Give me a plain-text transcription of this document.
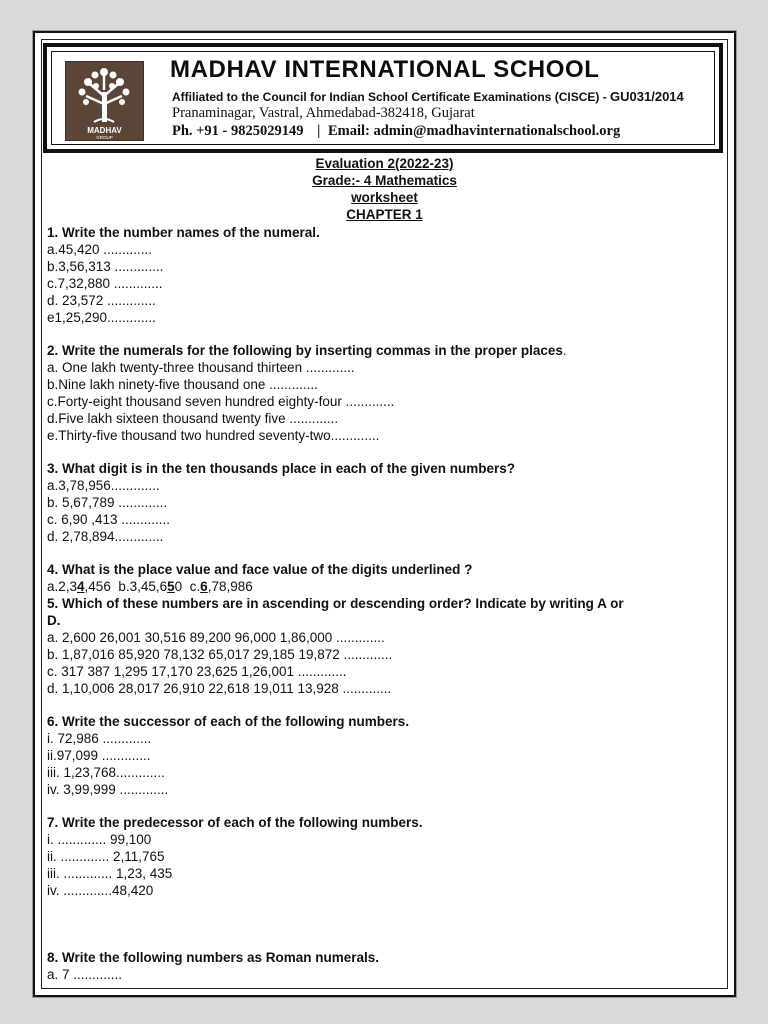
MADHAV
GROUP
MADHAV INTERNATIONAL SCHOOL
Affiliated to the Council for Indian School Certificate Examinations (CISCE) - GU031/2014
Pranaminagar, Vastral, Ahmedabad-382418, Gujarat
Ph. +91 - 9825029149 | Email: admin@madhavinternationalschool.org
Evaluation 2(2022-23)
Grade:- 4 Mathematics
worksheet
CHAPTER 1
1. Write the number names of the numeral.
a.45,420 .............
b.3,56,313 .............
c.7,32,880 .............
d. 23,572 .............
e1,25,290.............
2. Write the numerals for the following by inserting commas in the proper places.
a. One lakh twenty-three thousand thirteen .............
b.Nine lakh ninety-five thousand one .............
c.Forty-eight thousand seven hundred eighty-four .............
d.Five lakh sixteen thousand twenty five .............
e.Thirty-five thousand two hundred seventy-two.............
3. What digit is in the ten thousands place in each of the given numbers?
a.3,78,956.............
b. 5,67,789 .............
c. 6,90 ,413 .............
d. 2,78,894.............
4. What is the place value and face value of the digits underlined ?
a.2,34,456  b.3,45,650  c.6,78,986
5. Which of these numbers are in ascending or descending order? Indicate by writing A or
D.
a. 2,600 26,001 30,516 89,200 96,000 1,86,000 .............
b. 1,87,016 85,920 78,132 65,017 29,185 19,872 .............
c. 317 387 1,295 17,170 23,625 1,26,001 .............
d. 1,10,006 28,017 26,910 22,618 19,011 13,928 .............
6. Write the successor of each of the following numbers.
i. 72,986 .............
ii.97,099 .............
iii. 1,23,768.............
iv. 3,99,999 .............
7. Write the predecessor of each of the following numbers.
i. ............. 99,100
ii. ............. 2,11,765
iii. ............. 1,23, 435
iv. .............48,420
8. Write the following numbers as Roman numerals.
a. 7 .............
